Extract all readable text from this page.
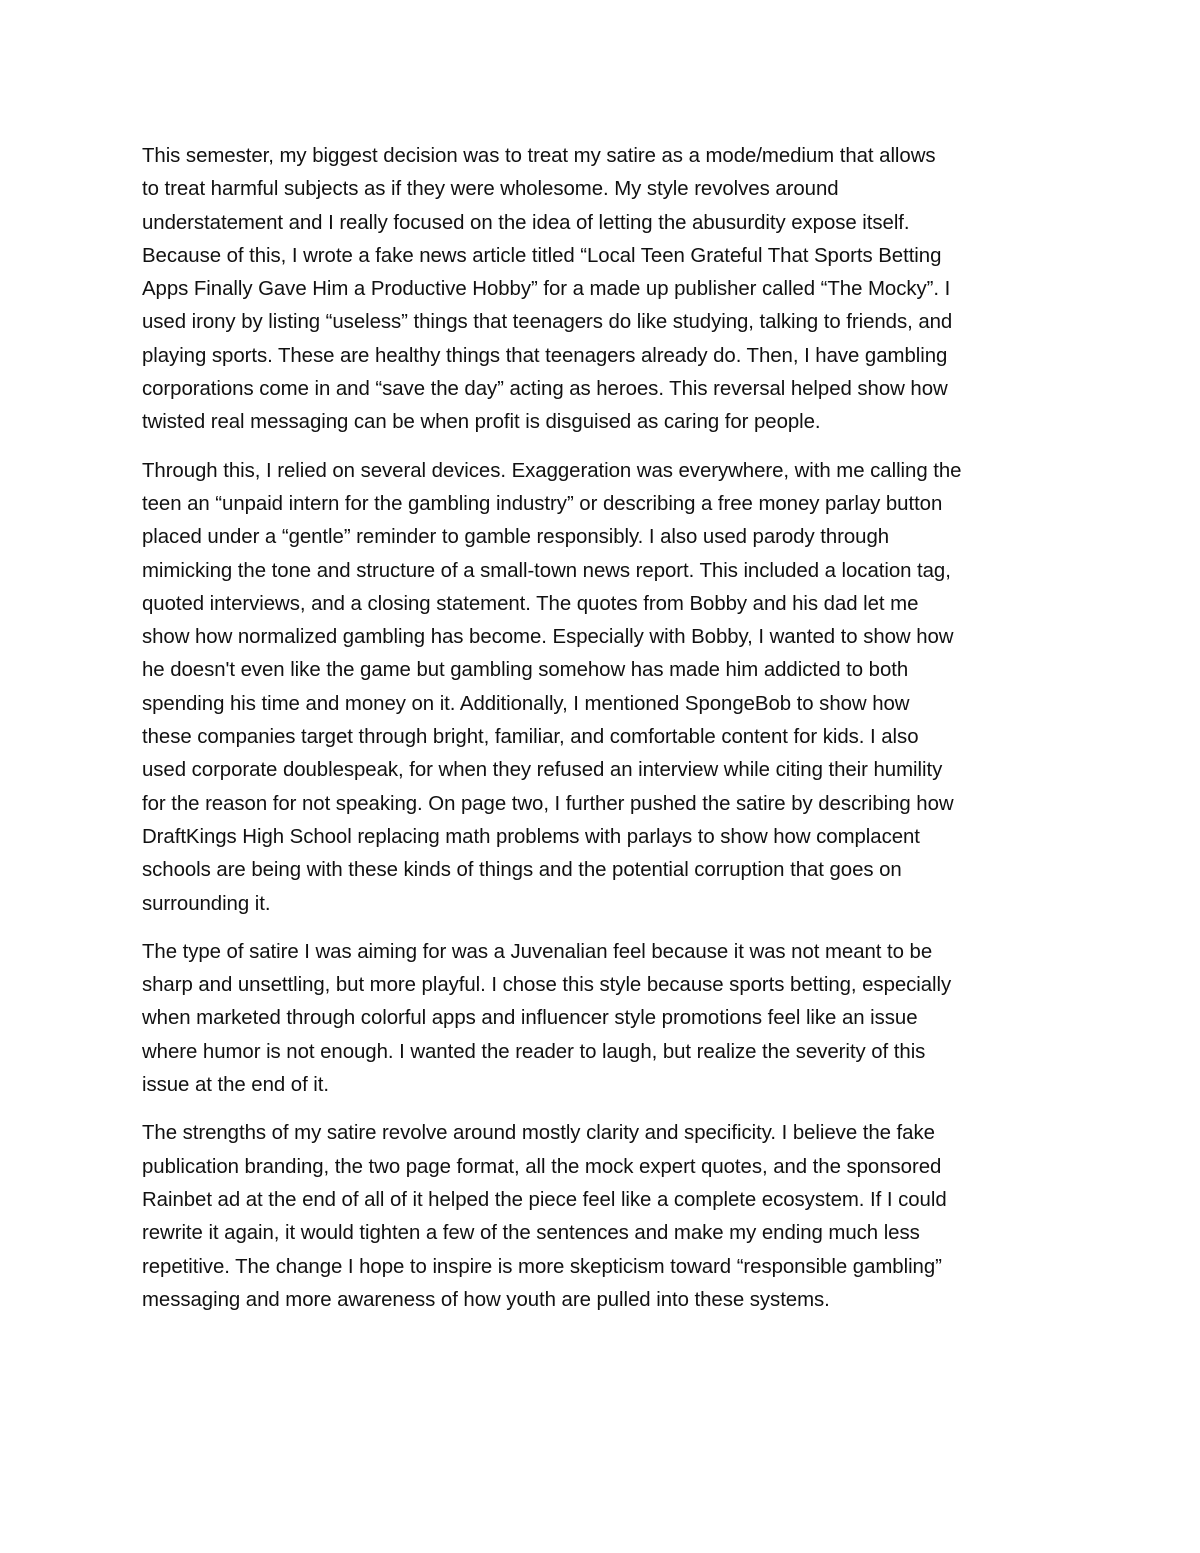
This semester, my biggest decision was to treat my satire as a mode/medium that allows
to treat harmful subjects as if they were wholesome. My style revolves around
understatement and I really focused on the idea of letting the abusurdity expose itself.
Because of this, I wrote a fake news article titled “Local Teen Grateful That Sports Betting
Apps Finally Gave Him a Productive Hobby” for a made up publisher called “The Mocky”. I
used irony by listing “useless” things that teenagers do like studying, talking to friends, and
playing sports. These are healthy things that teenagers already do. Then, I have gambling
corporations come in and “save the day” acting as heroes. This reversal helped show how
twisted real messaging can be when profit is disguised as caring for people.

Through this, I relied on several devices. Exaggeration was everywhere, with me calling the
teen an “unpaid intern for the gambling industry” or describing a free money parlay button
placed under a “gentle” reminder to gamble responsibly. I also used parody through
mimicking the tone and structure of a small-town news report. This included a location tag,
quoted interviews, and a closing statement. The quotes from Bobby and his dad let me
show how normalized gambling has become. Especially with Bobby, I wanted to show how
he doesn't even like the game but gambling somehow has made him addicted to both
spending his time and money on it. Additionally, I mentioned SpongeBob to show how
these companies target through bright, familiar, and comfortable content for kids. I also
used corporate doublespeak, for when they refused an interview while citing their humility
for the reason for not speaking. On page two, I further pushed the satire by describing how
DraftKings High School replacing math problems with parlays to show how complacent
schools are being with these kinds of things and the potential corruption that goes on
surrounding it.

The type of satire I was aiming for was a Juvenalian feel because it was not meant to be
sharp and unsettling, but more playful. I chose this style because sports betting, especially
when marketed through colorful apps and influencer style promotions feel like an issue
where humor is not enough. I wanted the reader to laugh, but realize the severity of this
issue at the end of it.

The strengths of my satire revolve around mostly clarity and specificity. I believe the fake
publication branding, the two page format, all the mock expert quotes, and the sponsored
Rainbet ad at the end of all of it helped the piece feel like a complete ecosystem. If I could
rewrite it again, it would tighten a few of the sentences and make my ending much less
repetitive. The change I hope to inspire is more skepticism toward “responsible gambling”
messaging and more awareness of how youth are pulled into these systems.
